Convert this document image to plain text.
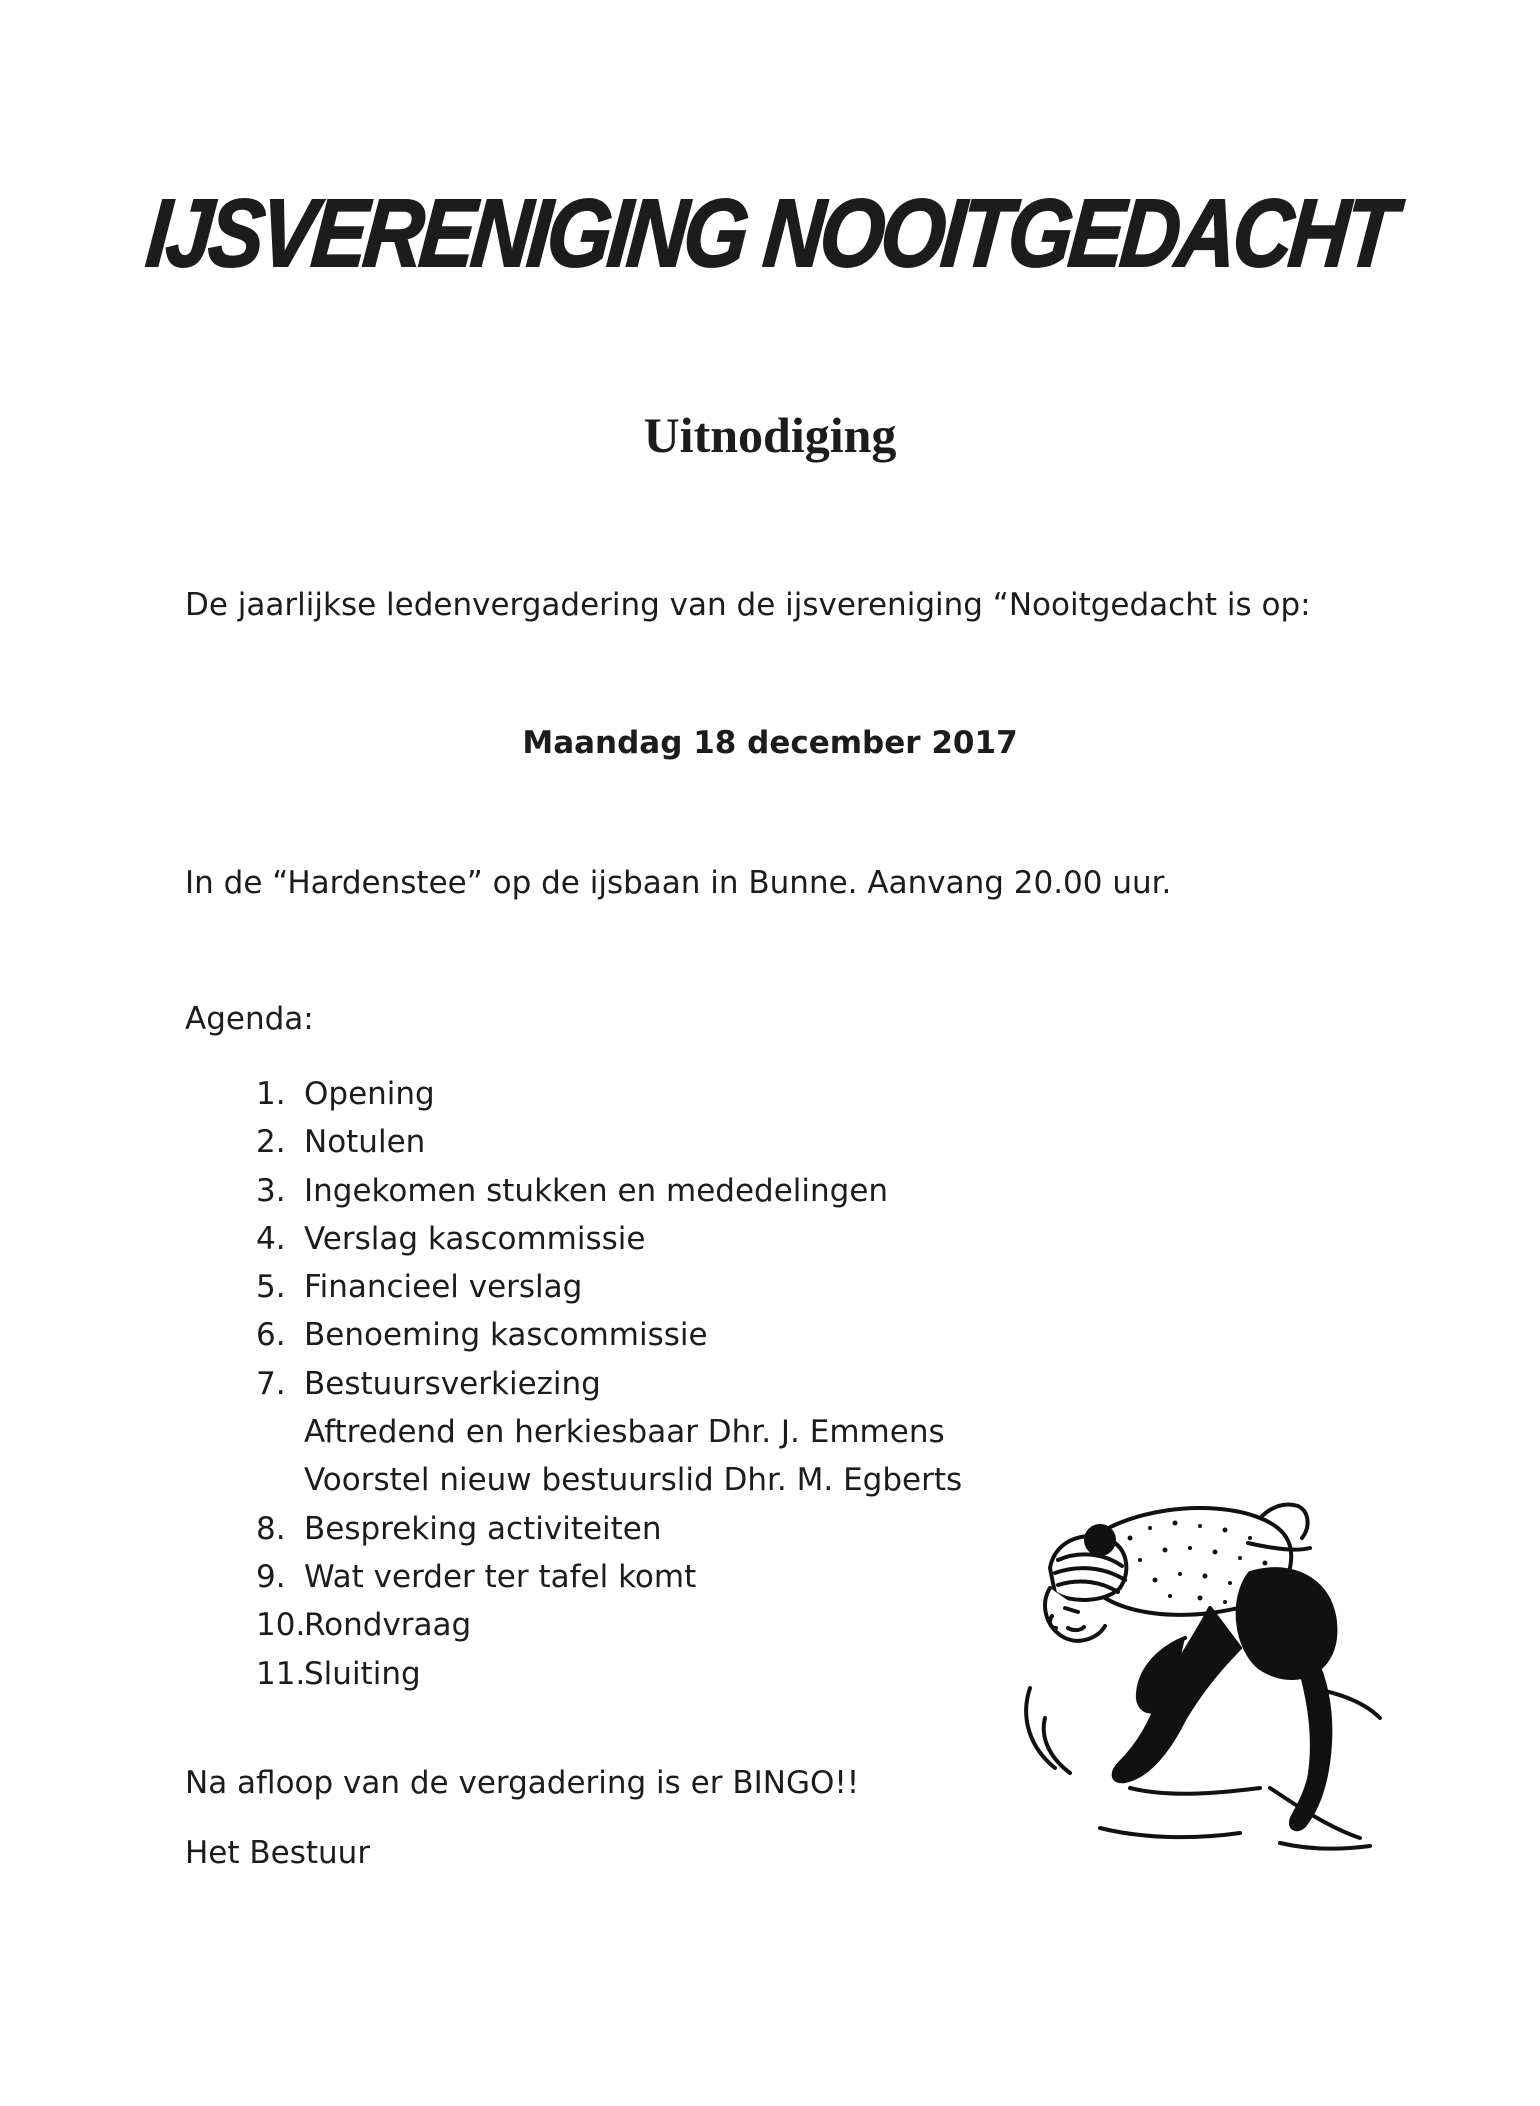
IJSVERENIGING NOOITGEDACHT
Uitnodiging
De jaarlijkse ledenvergadering van de ijsvereniging “Nooitgedacht is op:
Maandag 18 december 2017
In de “Hardenstee” op de ijsbaan in Bunne. Aanvang 20.00 uur.
Agenda:
1. Opening
2. Notulen
3. Ingekomen stukken en mededelingen
4. Verslag kascommissie
5. Financieel verslag
6. Benoeming kascommissie
7. Bestuursverkiezing
Aftredend en herkiesbaar Dhr. J. Emmens
Voorstel nieuw bestuurslid Dhr. M. Egberts
8. Bespreking activiteiten
9. Wat verder ter tafel komt
10.
Rondvraag
11.
Sluiting
Na afloop van de vergadering is er BINGO!!
Het Bestuur
